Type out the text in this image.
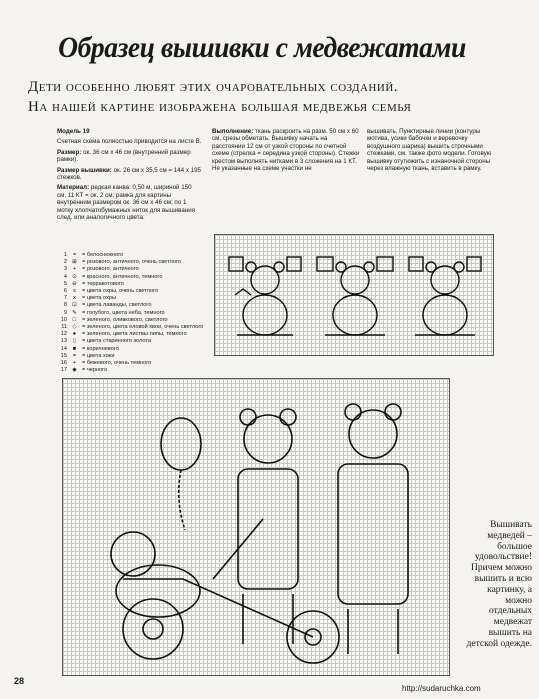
Образец вышивки с медвежатами
Дети особенно любят этих очаровательных созданий.
На нашей картине изображена большая медвежья семья

Модель 19

Счетная схема полностью приводится на листе В.

Размер: ок. 36 см х 46 см (внутренний размер рамки).

Размер вышивки: ок. 26 см х 35,5 см = 144 х 195 стежков.

Материал: редкая канва: 0,50 м, шириной 150 см, 11 КТ = ок. 2 см; рамка для картины внутренним размером ок. 36 см х 46 см; по 1 мотку хлопчатобумажных ниток для вышивания след. или аналогичного цвета:

Выполнение: ткань раскроить на разм. 50 см х 60 см, срезы обметать. Вышивку начать на расстоянии 12 см от узкой стороны по счетной схеме (стрелка = середина узкой стороны). Стежки крестом выполнять нитками в 3 сложения на 1 КТ. Не указанные на схеме участки не

вышивать. Пунктирные линии (контуры мотива, усики бабочки и веревочку воздушного шарика) вышить строчными стежками, см. также фото модели. Готовую вышивку отутюжить с изнаночной стороны через влажную ткань, вставить в рамку.

1	=	= белоснежного
2 ⊞ = розового, античного, очень светлого
3	+	= розового, античного
4 ⊙ = красного, античного, темного
5 ⊖ = терракотового
6	s	= цвета охры, очень светлого
7	x	= цвета охры
8 ⊡ = цвета лаванды, светлого
9 ✎ = голубого, цвета неба, темного
10	□	= зеленого, оливкового, светлого
11 ◇ = зеленого, цвета еловой хвои, очень светлого
12	●	= зеленого, цвета листвы липы, темного
13	▯	= цвета старинного золота
14	■	= коричневого
15	=	= цвета хаки
16	+	= бежевого, очень темного
17 ◆ = черного
Вышивать
медведей –
большое
удовольствие!
Причем можно
вышить и всю
картинку, а
можно
отдельных
медвежат
вышить на
детской одежде.
28
http://sudaruchka.com
